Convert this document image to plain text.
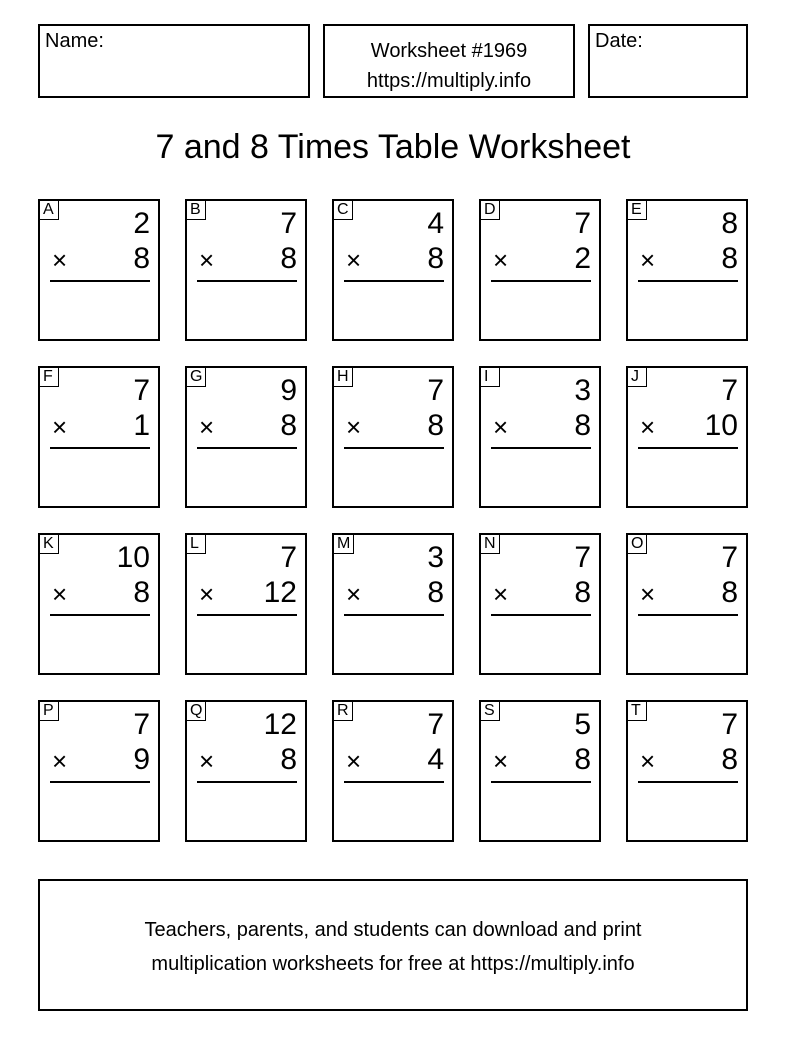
Name:	Worksheet #1969
https://multiply.info
Date:
7 and 8 Times Table Worksheet
A	2
× 8
B	7
× 8
C	4
× 8
D	7
× 2
E	8
× 8
F	7
× 1
G	9
× 8
H	7
× 8
I	3
× 8
J	7
× 10
K 10
× 8
L	7
× 12
M	3
× 8
N	7
× 8
O	7
× 8
P	7
× 9
Q 12
× 8
R	7
× 4
S	5
× 8
T	7
× 8
Teachers, parents, and students can download and print
multiplication worksheets for free at https://multiply.info
